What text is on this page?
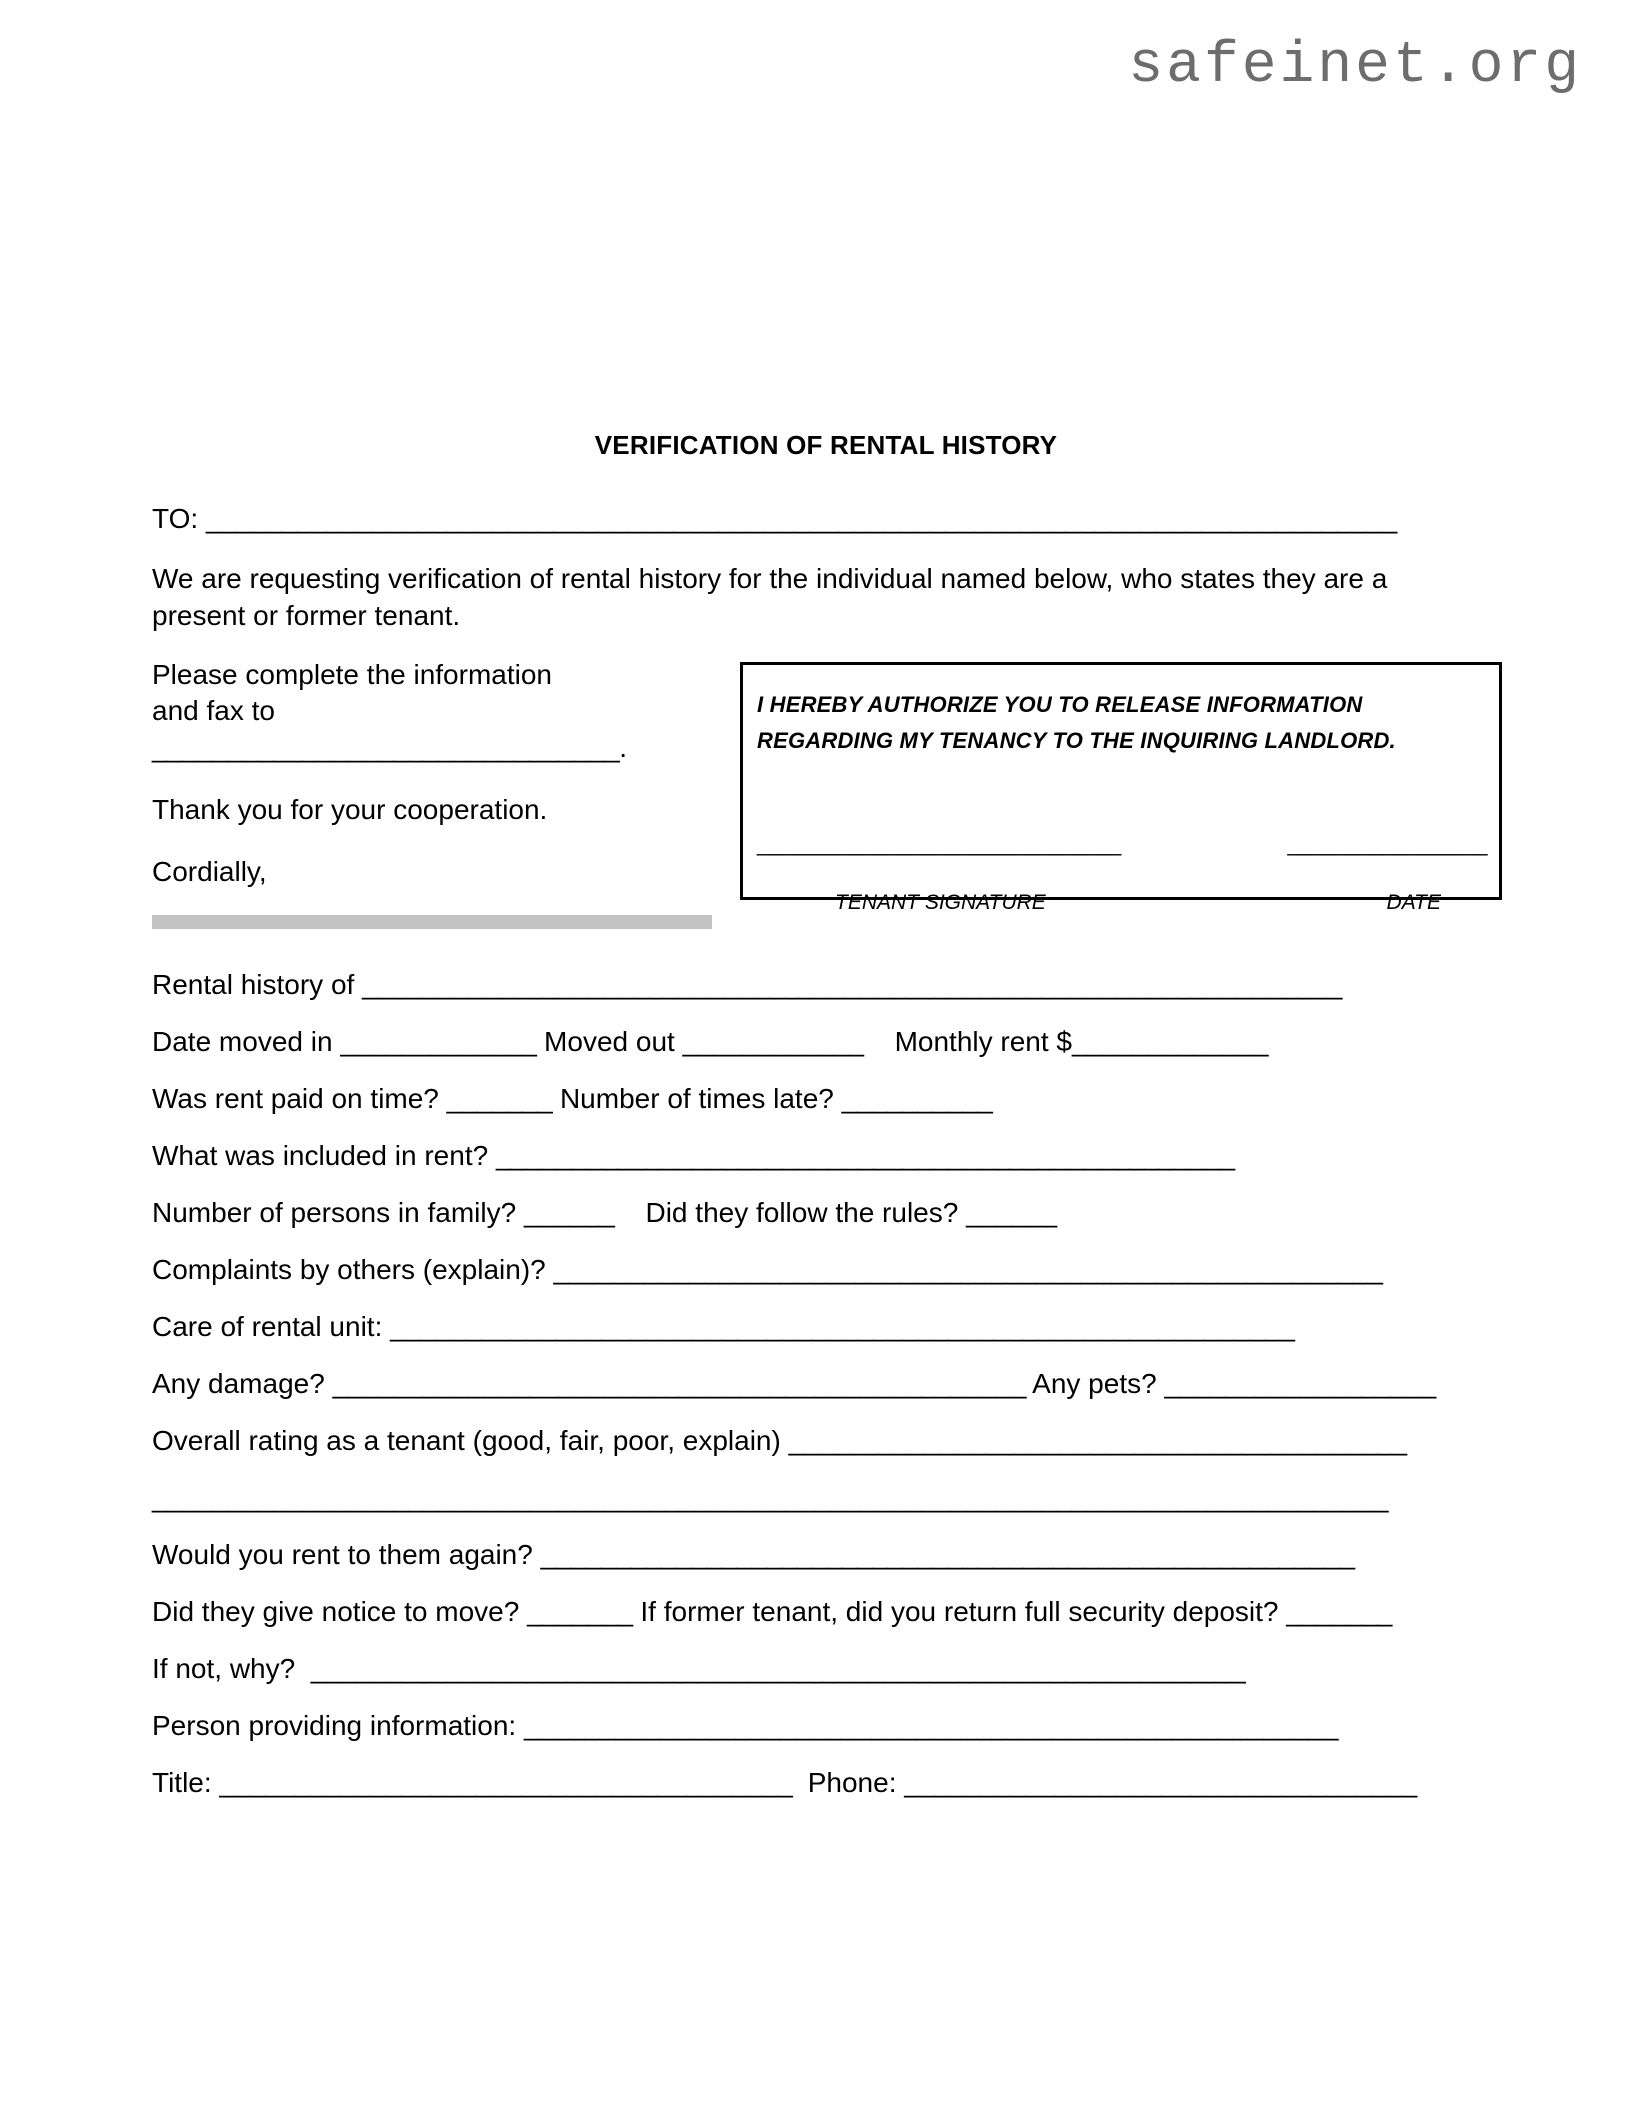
safeinet.org
VERIFICATION OF RENTAL HISTORY
TO: _______________________________________________________________________________
We are requesting verification of rental history for the individual named below, who states they are a present or former tenant.

Please complete the information
and fax to _______________________________.

Thank you for your cooperation.

Cordially,

I HEREBY AUTHORIZE YOU TO RELEASE INFORMATION
REGARDING MY TENANCY TO THE INQUIRING LANDLORD.
_______________________________	_________________
TENANT SIGNATURE	DATE
Rental history of _________________________________________________________________
Date moved in _____________ Moved out ____________    Monthly rent $_____________
Was rent paid on time? _______ Number of times late? __________
What was included in rent? _________________________________________________
Number of persons in family? ______    Did they follow the rules? ______
Complaints by others (explain)? _______________________________________________________
Care of rental unit: ____________________________________________________________
Any damage? ______________________________________________ Any pets? __________________
Overall rating as a tenant (good, fair, poor, explain) _________________________________________
__________________________________________________________________________________
Would you rent to them again? ______________________________________________________
Did they give notice to move? _______ If former tenant, did you return full security deposit? _______
If not, why?  ______________________________________________________________
Person providing information: ______________________________________________________
Title: ______________________________________  Phone: __________________________________
